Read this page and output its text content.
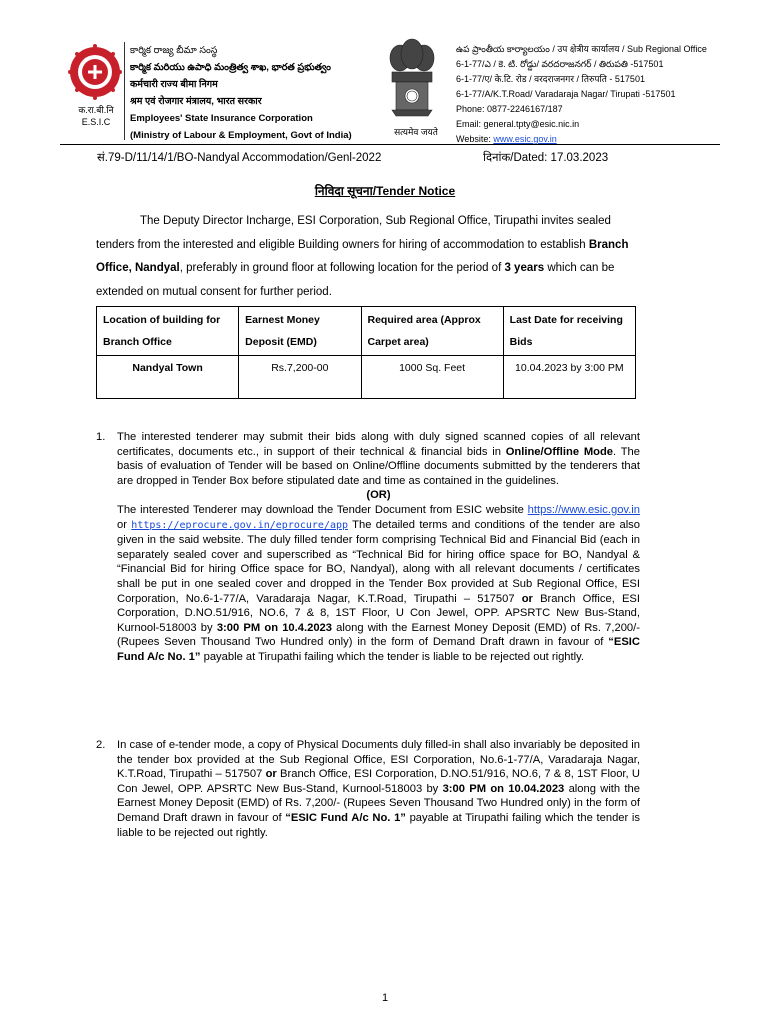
क.रा.बी.नि
E.S.I.C
కార్మిక రాజ్య బీమా సంస్థ
కార్మిక మరియు ఉపాధి మంత్రిత్వ శాఖ, భారత ప్రభుత్వం
कर्मचारी राज्य बीमा निगम
श्रम एवं रोजगार मंत्रालय, भारत सरकार
Employees' State Insurance Corporation
(Ministry of Labour & Employment, Govt of India)	सत्यमेव जयते
ఉప ప్రాంతీయ కార్యాలయం / उप क्षेत्रीय कार्यालय / Sub Regional Office
6-1-77/ఎ / కె. టి. రోడ్డు/ వరదరాజనగర్ / తిరుపతి -517501
6-1-77/ए/ के.टि. रोड / वरदराजनगर / तिरुपति - 517501
6-1-77/A/K.T.Road/ Varadaraja Nagar/ Tirupati -517501
Phone: 0877-2246167/187
Email: general.tpty@esic.nic.in
Website: www.esic.gov.in
सं.79-D/11/14/1/BO-Nandyal Accommodation/Genl-2022	दिनांक/Dated: 17.03.2023
निविदा सूचना/Tender Notice
The Deputy Director Incharge, ESI Corporation, Sub Regional Office, Tirupathi invites sealed tenders from the interested and eligible Building owners for hiring of accommodation to establish Branch Office, Nandyal, preferably in ground floor at following location for the period of 3 years which can be extended on mutual consent for further period.
Location of building for Branch Office	Earnest Money Deposit (EMD)	Required area (Approx Carpet area)	Last Date for receiving Bids
Nandyal Town	Rs.7,200-00	1000 Sq. Feet	10.04.2023 by 3:00 PM
1. The interested tenderer may submit their bids along with duly signed scanned copies of all relevant certificates, documents etc., in support of their technical & financial bids in Online/Offline Mode. The basis of evaluation of Tender will be based on Online/Offline documents submitted by the tenderers that are dropped in Tender Box before stipulated date and time as contained in the guidelines.

(OR)

The interested Tenderer may download the Tender Document from ESIC website https://www.esic.gov.in or https://eprocure.gov.in/eprocure/app The detailed terms and conditions of the tender are also given in the said website. The duly filled tender form comprising Technical Bid and Financial Bid (each in separately sealed cover and superscribed as “Technical Bid for hiring office space for BO, Nandyal & “Financial Bid for hiring Office space for BO, Nandyal), along with all relevant documents / certificates shall be put in one sealed cover and dropped in the Tender Box provided at Sub Regional Office, ESI Corporation, No.6-1-77/A, Varadaraja Nagar, K.T.Road, Tirupathi – 517507 or Branch Office, ESI Corporation, D.NO.51/916, NO.6, 7 & 8, 1ST Floor, U Con Jewel, OPP. APSRTC New Bus-Stand, Kurnool-518003 by 3:00 PM on 10.4.2023 along with the Earnest Money Deposit (EMD) of Rs. 7,200/- (Rupees Seven Thousand Two Hundred only) in the form of Demand Draft drawn in favour of “ESIC Fund A/c No. 1” payable at Tirupathi failing which the tender is liable to be rejected out rightly.
2. In case of e-tender mode, a copy of Physical Documents duly filled-in shall also invariably be deposited in the tender box provided at the Sub Regional Office, ESI Corporation, No.6-1-77/A, Varadaraja Nagar, K.T.Road, Tirupathi – 517507 or Branch Office, ESI Corporation, D.NO.51/916, NO.6, 7 & 8, 1ST Floor, U Con Jewel, OPP. APSRTC New Bus-Stand, Kurnool-518003 by 3:00 PM on 10.04.2023 along with the Earnest Money Deposit (EMD) of Rs. 7,200/- (Rupees Seven Thousand Two Hundred only) in the form of Demand Draft drawn in favour of “ESIC Fund A/c No. 1” payable at Tirupathi failing which the tender is liable to be rejected out rightly.
1
